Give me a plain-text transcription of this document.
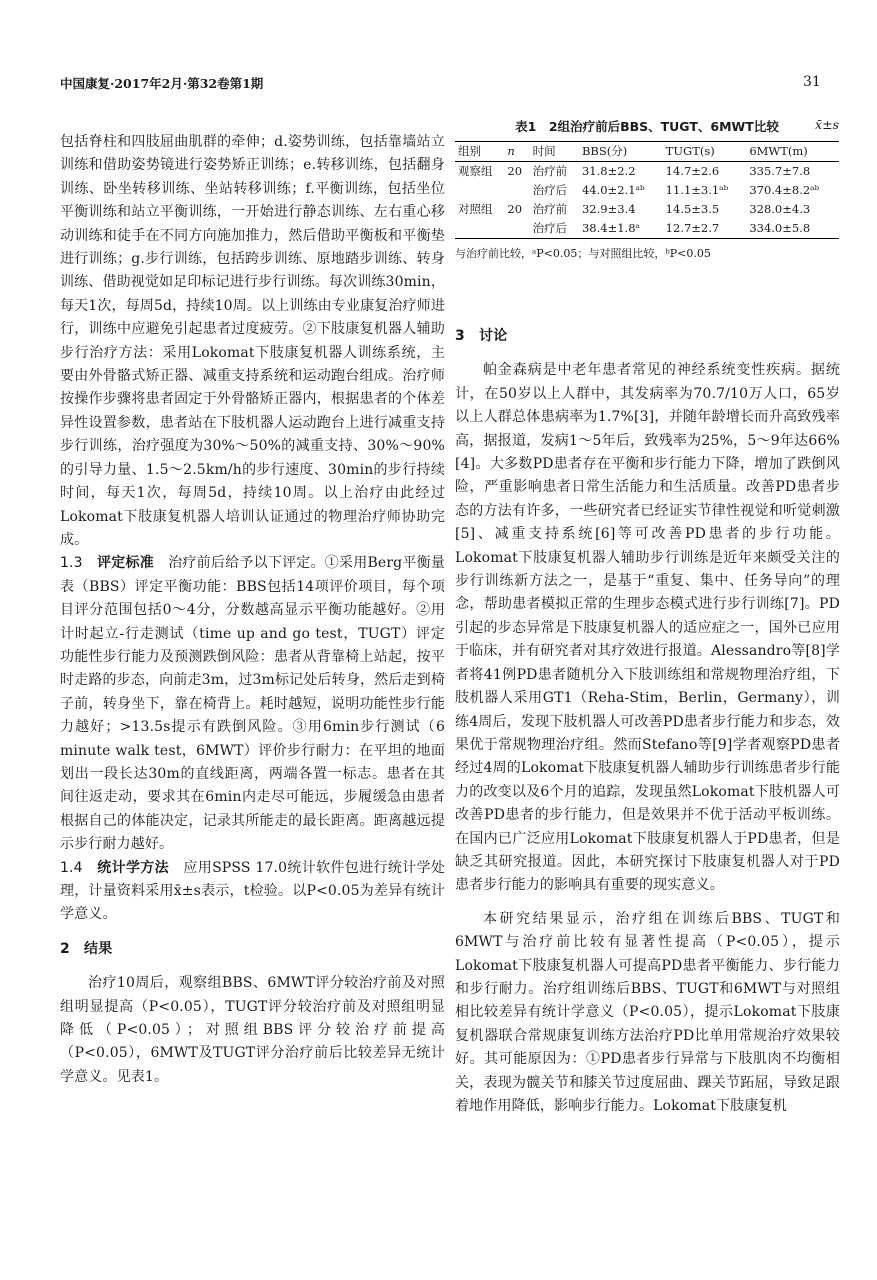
中国康复·2017年2月·第32卷第1期	31

包括脊柱和四肢屈曲肌群的牵伸；d.姿势训练，包括靠墙站立训练和借助姿势镜进行姿势矫正训练；e.转移训练，包括翻身训练、卧坐转移训练、坐站转移训练；f.平衡训练，包括坐位平衡训练和站立平衡训练，一开始进行静态训练、左右重心移动训练和徒手在不同方向施加推力，然后借助平衡板和平衡垫进行训练；g.步行训练，包括跨步训练、原地踏步训练、转身训练、借助视觉如足印标记进行步行训练。每次训练30min，每天1次，每周5d，持续10周。以上训练由专业康复治疗师进行，训练中应避免引起患者过度疲劳。②下肢康复机器人辅助步行治疗方法：采用Lokomat下肢康复机器人训练系统，主要由外骨骼式矫正器、减重支持系统和运动跑台组成。治疗师按操作步骤将患者固定于外骨骼矫正器内，根据患者的个体差异性设置参数，患者站在下肢机器人运动跑台上进行减重支持步行训练，治疗强度为30%～50%的减重支持、30%～90%的引导力量、1.5～2.5km/h的步行速度、30min的步行持续时间，每天1次，每周5d，持续10周。以上治疗由此经过Lokomat下肢康复机器人培训认证通过的物理治疗师协助完成。

1.3　 评定标准　 治疗前后给予以下评定。①采用Berg平衡量表（BBS）评定平衡功能：BBS包括14项评价项目，每个项目评分范围包括0～4分，分数越高显示平衡功能越好。②用计时起立-行走测试（time up and go test，TUGT）评定功能性步行能力及预测跌倒风险：患者从背靠椅上站起，按平时走路的步态，向前走3m，过3m标记处后转身，然后走到椅子前，转身坐下，靠在椅背上。耗时越短，说明功能性步行能力越好；>13.5s提示有跌倒风险。③用6min步行测试（6 minute walk test，6MWT）评价步行耐力：在平坦的地面划出一段长达30m的直线距离，两端各置一标志。患者在其间往返走动，要求其在6min内走尽可能远，步履缓急由患者根据自己的体能决定，记录其所能走的最长距离。距离越远提示步行耐力越好。

1.4　 统计学方法　 应用SPSS 17.0统计软件包进行统计学处理，计量资料采用x̄±s表示，t检验。以P<0.05为差异有统计学意义。

2　结果

治疗10周后，观察组BBS、6MWT评分较治疗前及对照组明显提高（P<0.05），TUGT评分较治疗前及对照组明显降低（P<0.05）；对照组BBS评分较治疗前提高（P<0.05），6MWT及TUGT评分治疗前后比较差异无统计学意义。见表1。

表1　2组治疗前后BBS、TUGT、6MWT比较	x̄±s
组别	n	时间	BBS(分)	TUGT(s)	6MWT(m)
观察组	20	治疗前	31.8±2.2	14.7±2.6	335.7±7.8
		治疗后	44.0±2.1ᵃᵇ	11.1±3.1ᵃᵇ	370.4±8.2ᵃᵇ
对照组	20	治疗前	32.9±3.4	14.5±3.5	328.0±4.3
		治疗后	38.4±1.8ᵃ	12.7±2.7	334.0±5.8
与治疗前比较，ᵃP<0.05；与对照组比较，ᵇP<0.05

3　讨论

帕金森病是中老年患者常见的神经系统变性疾病。据统计，在50岁以上人群中，其发病率为70.7/10万人口，65岁以上人群总体患病率为1.7%[3]，并随年龄增长而升高致残率高，据报道，发病1～5年后，致残率为25%，5～9年达66%[4]。大多数PD患者存在平衡和步行能力下降，增加了跌倒风险，严重影响患者日常生活能力和生活质量。改善PD患者步态的方法有许多，一些研究者已经证实节律性视觉和听觉刺激[5]、减重支持系统[6]等可改善PD患者的步行功能。Lokomat下肢康复机器人辅助步行训练是近年来颇受关注的步行训练新方法之一，是基于“重复、集中、任务导向”的理念，帮助患者模拟正常的生理步态模式进行步行训练[7]。PD引起的步态异常是下肢康复机器人的适应症之一，国外已应用于临床，并有研究者对其疗效进行报道。Alessandro等[8]学者将41例PD患者随机分入下肢训练组和常规物理治疗组，下肢机器人采用GT1（Reha-Stim，Berlin，Germany），训练4周后，发现下肢机器人可改善PD患者步行能力和步态，效果优于常规物理治疗组。然而Stefano等[9]学者观察PD患者经过4周的Lokomat下肢康复机器人辅助步行训练患者步行能力的改变以及6个月的追踪，发现虽然Lokomat下肢机器人可改善PD患者的步行能力，但是效果并不优于活动平板训练。在国内已广泛应用Lokomat下肢康复机器人于PD患者，但是缺乏其研究报道。因此，本研究探讨下肢康复机器人对于PD患者步行能力的影响具有重要的现实意义。

本研究结果显示，治疗组在训练后BBS、TUGT和6MWT与治疗前比较有显著性提高（P<0.05），提示Lokomat下肢康复机器人可提高PD患者平衡能力、步行能力和步行耐力。治疗组训练后BBS、TUGT和6MWT与对照组相比较差异有统计学意义（P<0.05），提示Lokomat下肢康复机器联合常规康复训练方法治疗PD比单用常规治疗效果较好。其可能原因为：①PD患者步行异常与下肢肌肉不均衡相关，表现为髋关节和膝关节过度屈曲、踝关节跖屈，导致足跟着地作用降低，影响步行能力。Lokomat下肢康复机
